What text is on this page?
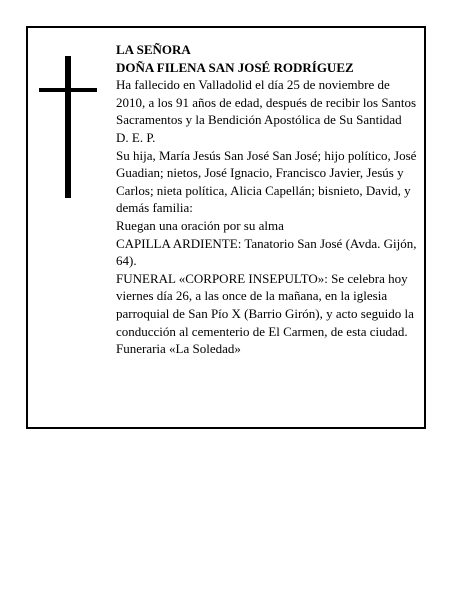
LA SEÑORA

DOÑA FILENA SAN JOSÉ RODRÍGUEZ

Ha fallecido en Valladolid el día 25 de noviembre de 2010, a los 91 años de edad, después de recibir los Santos Sacramentos y la Bendición Apostólica de Su Santidad

D. E. P.

Su hija, María Jesús San José San José; hijo político, José Guadian; nietos, José Ignacio, Francisco Javier, Jesús y Carlos; nieta política, Alicia Capellán; bisnieto, David, y demás familia:

Ruegan una oración por su alma

CAPILLA ARDIENTE: Tanatorio San José (Avda. Gijón, 64).

FUNERAL «CORPORE INSEPULTO»: Se celebra hoy viernes día 26, a las once de la mañana, en la iglesia parroquial de San Pío X (Barrio Girón), y acto seguido la conducción al cementerio de El Carmen, de esta ciudad.

Funeraria «La Soledad»
